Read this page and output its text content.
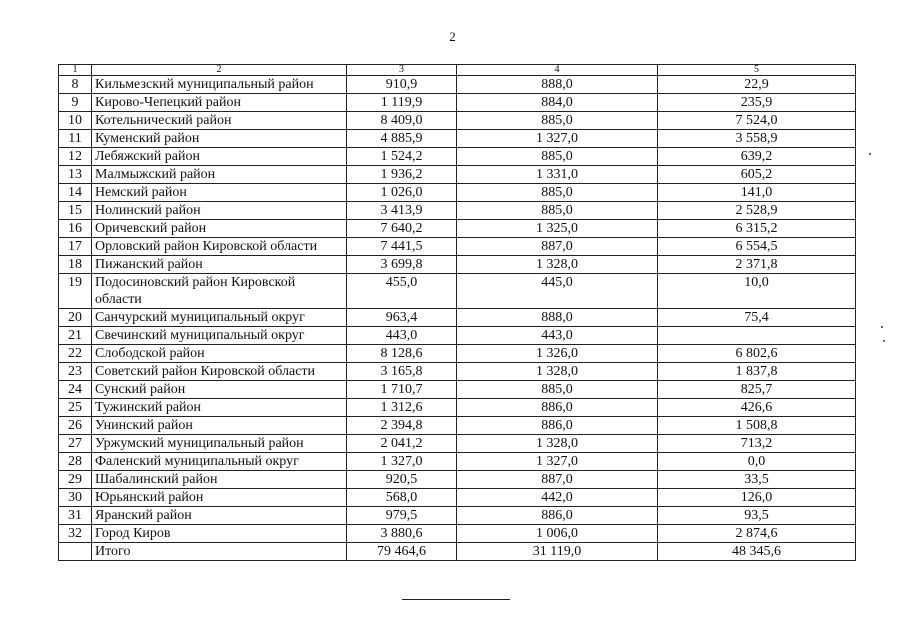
2
1	2	3	4	5
8	Кильмезский муниципальный район	910,9	888,0	22,9
9	Кирово-Чепецкий район	1 119,9	884,0	235,9
10	Котельнический район	8 409,0	885,0	7 524,0
11	Куменский район	4 885,9	1 327,0	3 558,9
12	Лебяжский район	1 524,2	885,0	639,2
13	Малмыжский район	1 936,2	1 331,0	605,2
14	Немский район	1 026,0	885,0	141,0
15	Нолинский район	3 413,9	885,0	2 528,9
16	Оричевский район	7 640,2	1 325,0	6 315,2
17	Орловский район Кировской области	7 441,5	887,0	6 554,5
18	Пижанский район	3 699,8	1 328,0	2 371,8
19	Подосиновский район Кировской области	455,0	445,0	10,0
20	Санчурский муниципальный округ	963,4	888,0	75,4
21	Свечинский муниципальный округ	443,0	443,0	
22	Слободской район	8 128,6	1 326,0	6 802,6
23	Советский район Кировской области	3 165,8	1 328,0	1 837,8
24	Сунский район	1 710,7	885,0	825,7
25	Тужинский район	1 312,6	886,0	426,6
26	Унинский район	2 394,8	886,0	1 508,8
27	Уржумский муниципальный район	2 041,2	1 328,0	713,2
28	Фаленский муниципальный округ	1 327,0	1 327,0	0,0
29	Шабалинский район	920,5	887,0	33,5
30	Юрьянский район	568,0	442,0	126,0
31	Яранский район	979,5	886,0	93,5
32	Город Киров	3 880,6	1 006,0	2 874,6
	Итого	79 464,6	31 119,0	48 345,6
